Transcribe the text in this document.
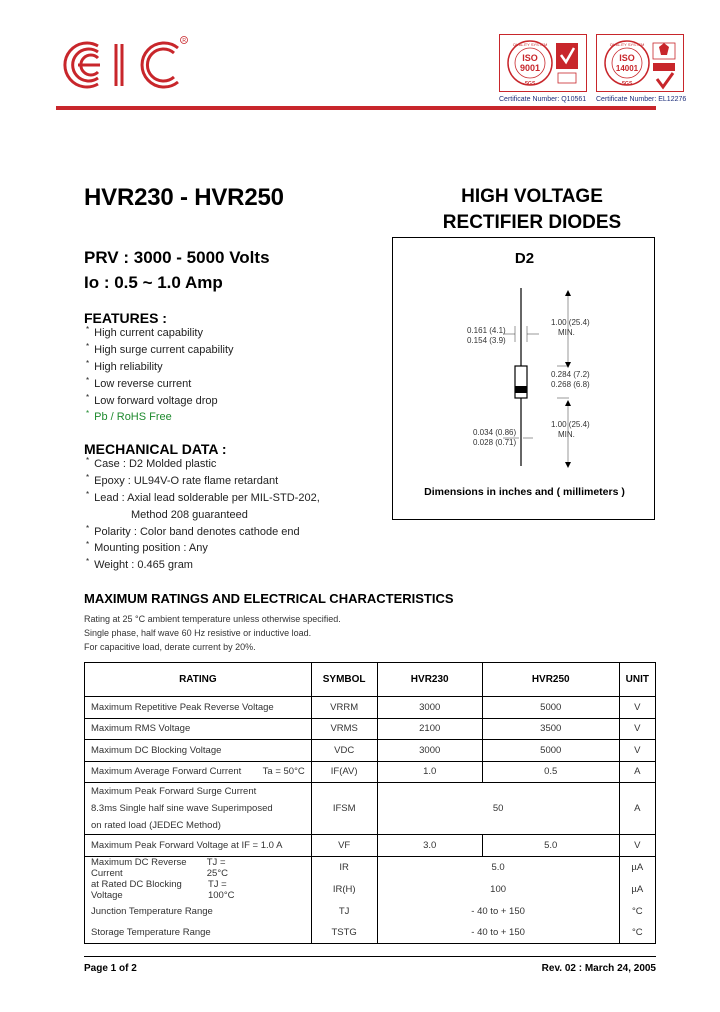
R
ISO
9001
QUALITY SYSTEM
SGS
Certificate Number: Q10561
ISO
14001
QUALITY SYSTEM
SGS
Certificate Number: EL12276
HVR230 - HVR250	HIGH VOLTAGE
RECTIFIER DIODES
PRV : 3000 - 5000 Volts
Io : 0.5 ~ 1.0 Amp
D2
0.161 (4.1)
0.154 (3.9)
1.00 (25.4)
MIN.
0.284 (7.2)
0.268 (6.8)
1.00 (25.4)
MIN.
0.034 (0.86)
0.028 (0.71)
Dimensions in inches and ( millimeters )
FEATURES :
* High current capability
* High surge current capability
* High reliability
* Low reverse current
* Low forward voltage drop
* Pb / RoHS Free
MECHANICAL DATA :
* Case : D2 Molded plastic
* Epoxy : UL94V-O rate flame retardant
* Lead : Axial lead solderable per MIL-STD-202,
Method 208 guaranteed
* Polarity : Color band denotes cathode end
* Mounting position : Any
* Weight : 0.465 gram
MAXIMUM RATINGS AND ELECTRICAL CHARACTERISTICS
Rating at 25 °C ambient temperature unless otherwise specified.
Single phase, half wave 60 Hz resistive or inductive load.
For capacitive load, derate current by 20%.
RATING	SYMBOL	HVR230	HVR250	UNIT
Maximum Repetitive Peak Reverse Voltage	VRRM	3000	5000	V
Maximum RMS Voltage	VRMS	2100	3500	V
Maximum DC Blocking Voltage	VDC	3000	5000	V

Maximum Average Forward Current Ta = 50°C	IF(AV)	1.0	0.5	A

Maximum Peak Forward Surge Current
8.3ms Single half sine wave Superimposed
on rated load (JEDEC Method)	IFSM	50		A
Maximum Peak Forward Voltage at IF = 1.0 A	VF	3.0	5.0	V

Maximum DC Reverse Current
TJ = 25°C	IR	5.0		µA

at Rated DC Blocking Voltage
TJ = 100°C	IR(H)	100		µA
Junction Temperature Range	TJ	- 40 to + 150		°C
Storage Temperature Range	TSTG	- 40 to + 150		°C
Page 1 of 2	Rev. 02 : March 24, 2005
